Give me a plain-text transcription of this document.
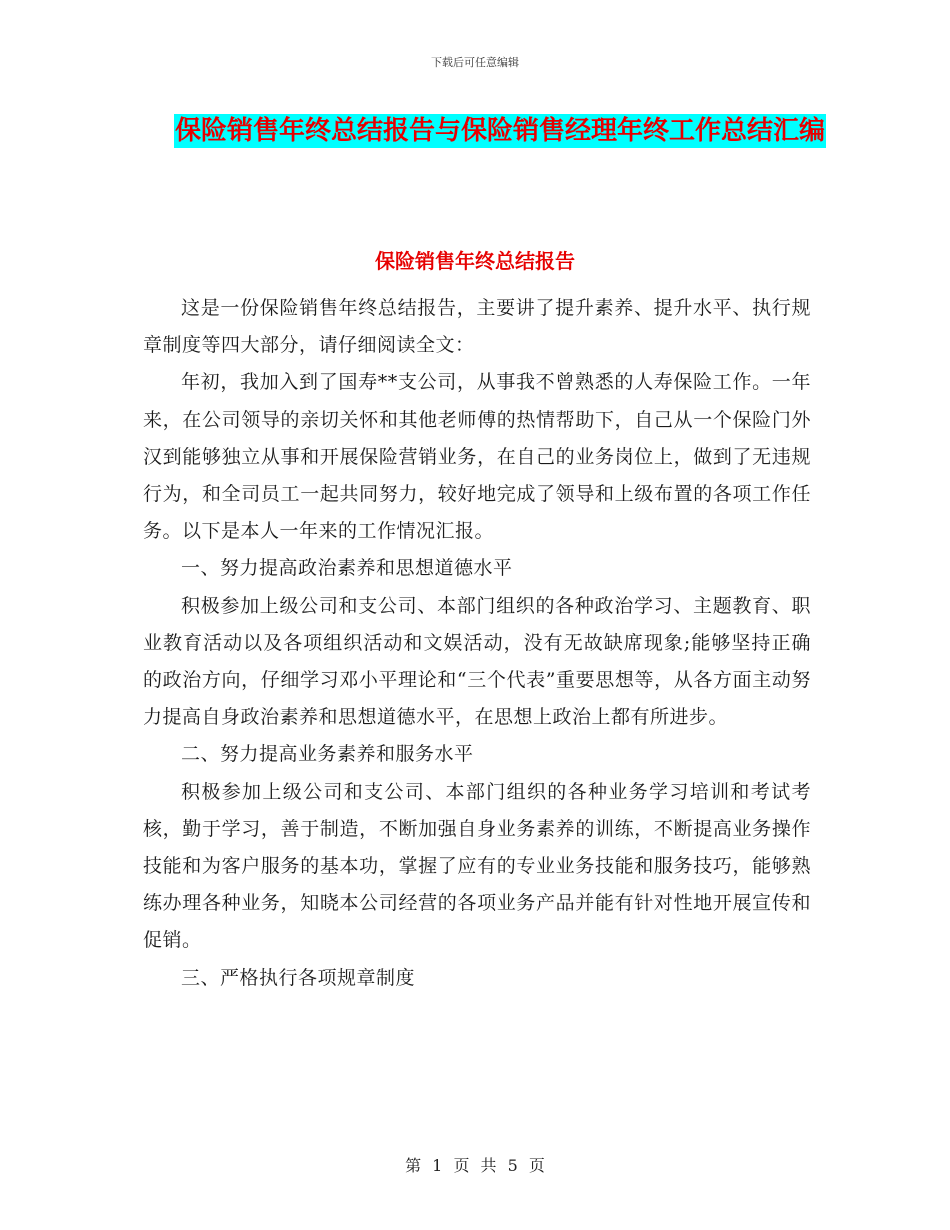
下载后可任意编辑
保险销售年终总结报告与保险销售经理年终工作总结汇编
保险销售年终总结报告

这是一份保险销售年终总结报告，主要讲了提升素养、提升水平、执行规章制度等四大部分，请仔细阅读全文：

年初，我加入到了国寿**支公司，从事我不曾熟悉的人寿保险工作。一年来，在公司领导的亲切关怀和其他老师傅的热情帮助下，自己从一个保险门外汉到能够独立从事和开展保险营销业务，在自己的业务岗位上，做到了无违规行为，和全司员工一起共同努力，较好地完成了领导和上级布置的各项工作任务。以下是本人一年来的工作情况汇报。

一、努力提高政治素养和思想道德水平

积极参加上级公司和支公司、本部门组织的各种政治学习、主题教育、职业教育活动以及各项组织活动和文娱活动，没有无故缺席现象;能够坚持正确的政治方向，仔细学习邓小平理论和“三个代表”重要思想等，从各方面主动努力提高自身政治素养和思想道德水平，在思想上政治上都有所进步。

二、努力提高业务素养和服务水平

积极参加上级公司和支公司、本部门组织的各种业务学习培训和考试考核，勤于学习，善于制造，不断加强自身业务素养的训练，不断提高业务操作技能和为客户服务的基本功，掌握了应有的专业业务技能和服务技巧，能够熟练办理各种业务，知晓本公司经营的各项业务产品并能有针对性地开展宣传和促销。

三、严格执行各项规章制度

第 1 页 共 5 页
